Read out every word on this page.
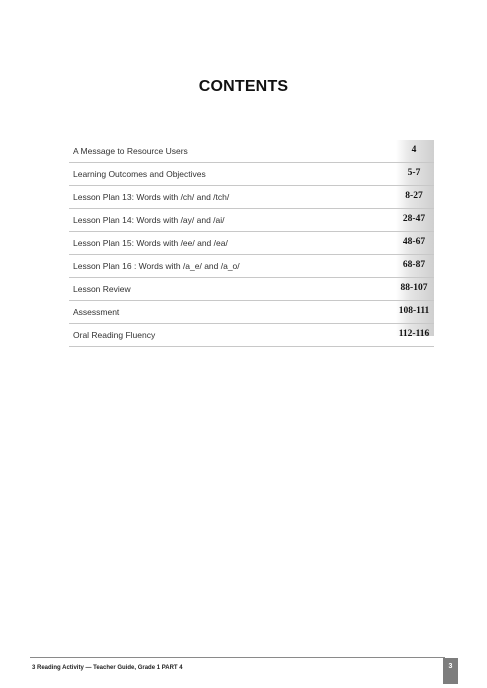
CONTENTS
A Message to Resource Users	4
Learning Outcomes and Objectives	5-7
Lesson Plan 13: Words with /ch/ and /tch/	8-27
Lesson Plan 14: Words with /ay/ and /ai/	28-47
Lesson Plan 15: Words with /ee/ and /ea/	48-67
Lesson Plan 16 : Words with /a_e/ and /a_o/	68-87
Lesson Review	88-107
Assessment	108-111
Oral Reading Fluency	112-116
3 Reading Activity — Teacher Guide, Grade 1 PART 4	3
